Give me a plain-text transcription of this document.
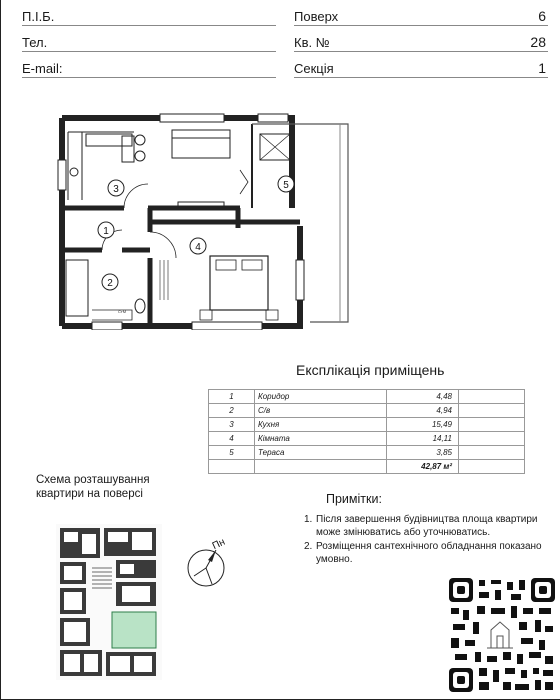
П.І.Б.
Тел.
E-mail:
Поверх	6
Кв. №	28
Секція	1
3
1
2
4
5
СтМ
Експлікація приміщень
1	Коридор	4,48	
2	С/в	4,94	
3	Кухня	15,49	
4	Кімната	14,11	
5	Тераса	3,85	
		42,87 м²	
Схема розташування квартири на поверсі
Пн
Примітки:
1. Після завершення будівництва площа квартири може змінюватись або уточнюватись.
2. Розміщення сантехнічного обладнання показано умовно.
